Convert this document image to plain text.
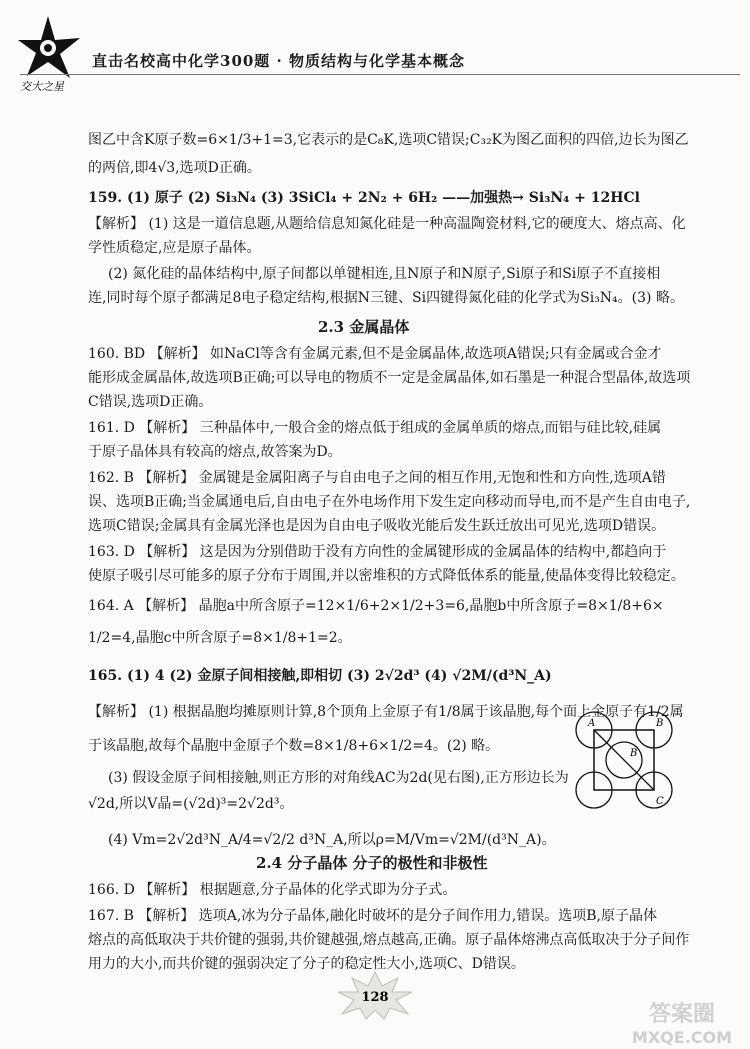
交大之星
直击名校高中化学300题 · 物质结构与化学基本概念
图乙中含K原子数=6×1/3+1=3,它表示的是C₈K,选项C错误;C₃₂K为图乙面积的四倍,边长为图乙
的两倍,即4√3,选项D正确。
159. (1) 原子 (2) Si₃N₄ (3) 3SiCl₄ + 2N₂ + 6H₂ ——加强热→ Si₃N₄ + 12HCl
【解析】 (1) 这是一道信息题,从题给信息知氮化硅是一种高温陶瓷材料,它的硬度大、熔点高、化
学性质稳定,应是原子晶体。
(2) 氮化硅的晶体结构中,原子间都以单键相连,且N原子和N原子,Si原子和Si原子不直接相
连,同时每个原子都满足8电子稳定结构,根据N三键、Si四键得氮化硅的化学式为Si₃N₄。(3) 略。
2.3 金属晶体
160. BD 【解析】 如NaCl等含有金属元素,但不是金属晶体,故选项A错误;只有金属或合金才
能形成金属晶体,故选项B正确;可以导电的物质不一定是金属晶体,如石墨是一种混合型晶体,故选项
C错误,选项D正确。
161. D 【解析】 三种晶体中,一般合金的熔点低于组成的金属单质的熔点,而铝与硅比较,硅属
于原子晶体具有较高的熔点,故答案为D。
162. B 【解析】 金属键是金属阳离子与自由电子之间的相互作用,无饱和性和方向性,选项A错
误、选项B正确;当金属通电后,自由电子在外电场作用下发生定向移动而导电,而不是产生自由电子,
选项C错误;金属具有金属光泽也是因为自由电子吸收光能后发生跃迁放出可见光,选项D错误。
163. D 【解析】 这是因为分别借助于没有方向性的金属键形成的金属晶体的结构中,都趋向于
使原子吸引尽可能多的原子分布于周围,并以密堆积的方式降低体系的能量,使晶体变得比较稳定。
164. A 【解析】 晶胞a中所含原子=12×1/6+2×1/2+3=6,晶胞b中所含原子=8×1/8+6×
1/2=4,晶胞c中所含原子=8×1/8+1=2。
165. (1) 4 (2) 金原子间相接触,即相切 (3) 2√2d³ (4) √2M/(d³N_A)
【解析】 (1) 根据晶胞均摊原则计算,8个顶角上金原子有1/8属于该晶胞,每个面上金原子有1/2属
于该晶胞,故每个晶胞中金原子个数=8×1/8+6×1/2=4。(2) 略。
(3) 假设金原子间相接触,则正方形的对角线AC为2d(见右图),正方形边长为
√2d,所以V晶=(√2d)³=2√2d³。
(4) Vm=2√2d³N_A/4=√2/2 d³N_A,所以ρ=M/Vm=√2M/(d³N_A)。
A	B
B
C
2.4 分子晶体 分子的极性和非极性
166. D 【解析】 根据题意,分子晶体的化学式即为分子式。
167. B 【解析】 选项A,冰为分子晶体,融化时破坏的是分子间作用力,错误。选项B,原子晶体
熔点的高低取决于共价键的强弱,共价键越强,熔点越高,正确。原子晶体熔沸点高低取决于分子间作
用力的大小,而共价键的强弱决定了分子的稳定性大小,选项C、D错误。
128
答案圈
MXQE.COM
